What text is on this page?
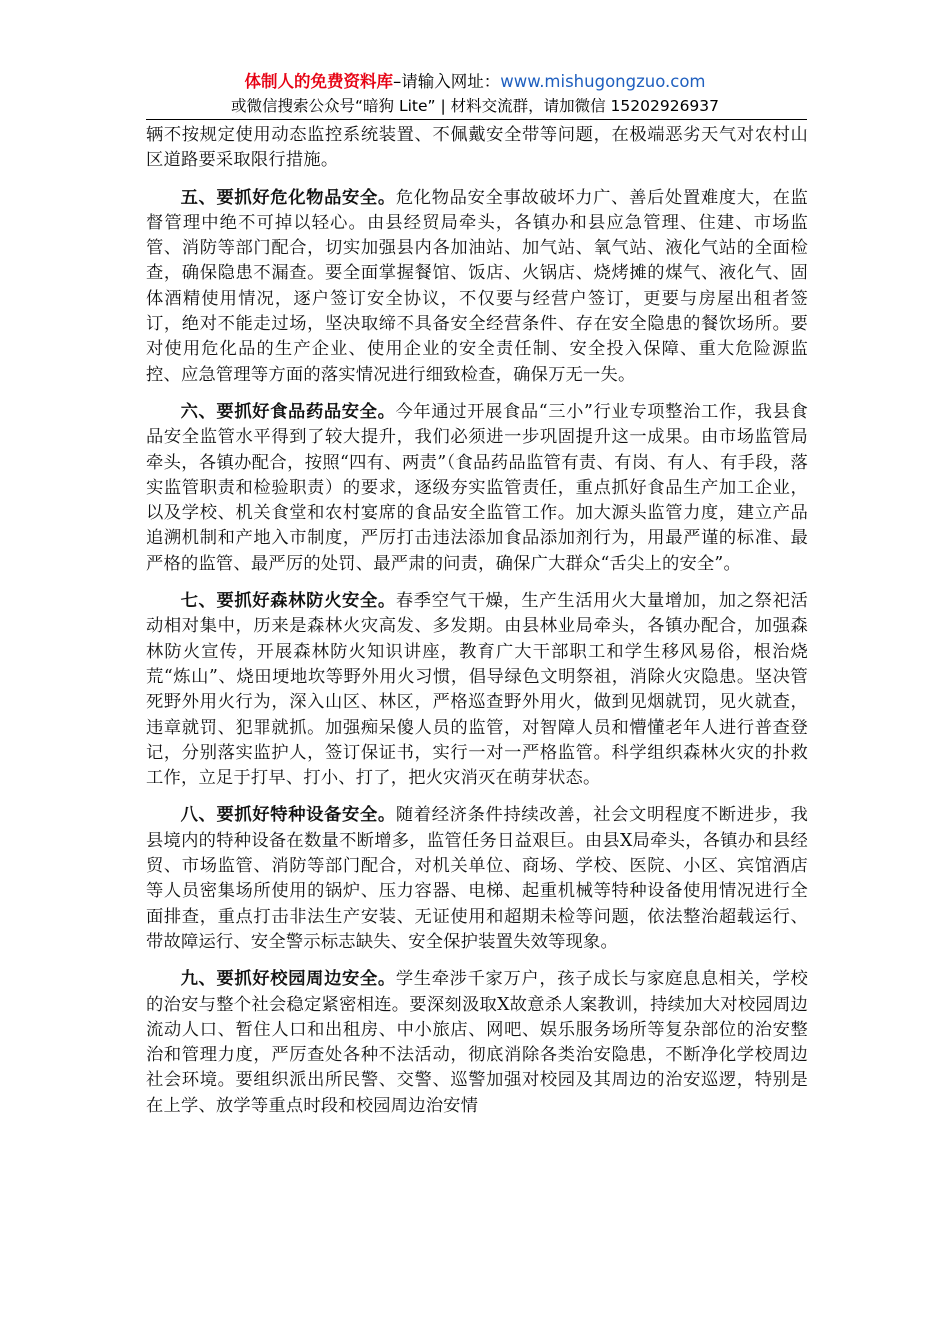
体制人的免费资料库–请输入网址：www.mishugongzuo.com
或微信搜索公众号“暗狗 Lite” | 材料交流群，请加微信 15202926937

辆不按规定使用动态监控系统装置、不佩戴安全带等问题，在极端恶劣天气对农村山区道路要采取限行措施。

五、要抓好危化物品安全。危化物品安全事故破坏力广、善后处置难度大，在监督管理中绝不可掉以轻心。由县经贸局牵头，各镇办和县应急管理、住建、市场监管、消防等部门配合，切实加强县内各加油站、加气站、氧气站、液化气站的全面检查，确保隐患不漏查。要全面掌握餐馆、饭店、火锅店、烧烤摊的煤气、液化气、固体酒精使用情况，逐户签订安全协议，不仅要与经营户签订，更要与房屋出租者签订，绝对不能走过场，坚决取缔不具备安全经营条件、存在安全隐患的餐饮场所。要对使用危化品的生产企业、使用企业的安全责任制、安全投入保障、重大危险源监控、应急管理等方面的落实情况进行细致检查，确保万无一失。

六、要抓好食品药品安全。今年通过开展食品“三小”行业专项整治工作，我县食品安全监管水平得到了较大提升，我们必须进一步巩固提升这一成果。由市场监管局牵头，各镇办配合，按照“四有、两责”（食品药品监管有责、有岗、有人、有手段，落实监管职责和检验职责）的要求，逐级夯实监管责任，重点抓好食品生产加工企业，以及学校、机关食堂和农村宴席的食品安全监管工作。加大源头监管力度，建立产品追溯机制和产地入市制度，严厉打击违法添加食品添加剂行为，用最严谨的标准、最严格的监管、最严厉的处罚、最严肃的问责，确保广大群众“舌尖上的安全”。

七、要抓好森林防火安全。春季空气干燥，生产生活用火大量增加，加之祭祀活动相对集中，历来是森林火灾高发、多发期。由县林业局牵头，各镇办配合，加强森林防火宣传，开展森林防火知识讲座，教育广大干部职工和学生移风易俗，根治烧荒“炼山”、烧田埂地坎等野外用火习惯，倡导绿色文明祭祖，消除火灾隐患。坚决管死野外用火行为，深入山区、林区，严格巡查野外用火，做到见烟就罚，见火就查，违章就罚、犯罪就抓。加强痴呆傻人员的监管，对智障人员和懵懂老年人进行普查登记，分别落实监护人，签订保证书，实行一对一严格监管。科学组织森林火灾的扑救工作，立足于打早、打小、打了，把火灾消灭在萌芽状态。

八、要抓好特种设备安全。随着经济条件持续改善，社会文明程度不断进步，我县境内的特种设备在数量不断增多，监管任务日益艰巨。由县X局牵头，各镇办和县经贸、市场监管、消防等部门配合，对机关单位、商场、学校、医院、小区、宾馆酒店等人员密集场所使用的锅炉、压力容器、电梯、起重机械等特种设备使用情况进行全面排查，重点打击非法生产安装、无证使用和超期未检等问题，依法整治超载运行、带故障运行、安全警示标志缺失、安全保护装置失效等现象。

九、要抓好校园周边安全。学生牵涉千家万户，孩子成长与家庭息息相关，学校的治安与整个社会稳定紧密相连。要深刻汲取X故意杀人案教训，持续加大对校园周边流动人口、暂住人口和出租房、中小旅店、网吧、娱乐服务场所等复杂部位的治安整治和管理力度，严厉查处各种不法活动，彻底消除各类治安隐患，不断净化学校周边社会环境。要组织派出所民警、交警、巡警加强对校园及其周边的治安巡逻，特别是在上学、放学等重点时段和校园周边治安情
